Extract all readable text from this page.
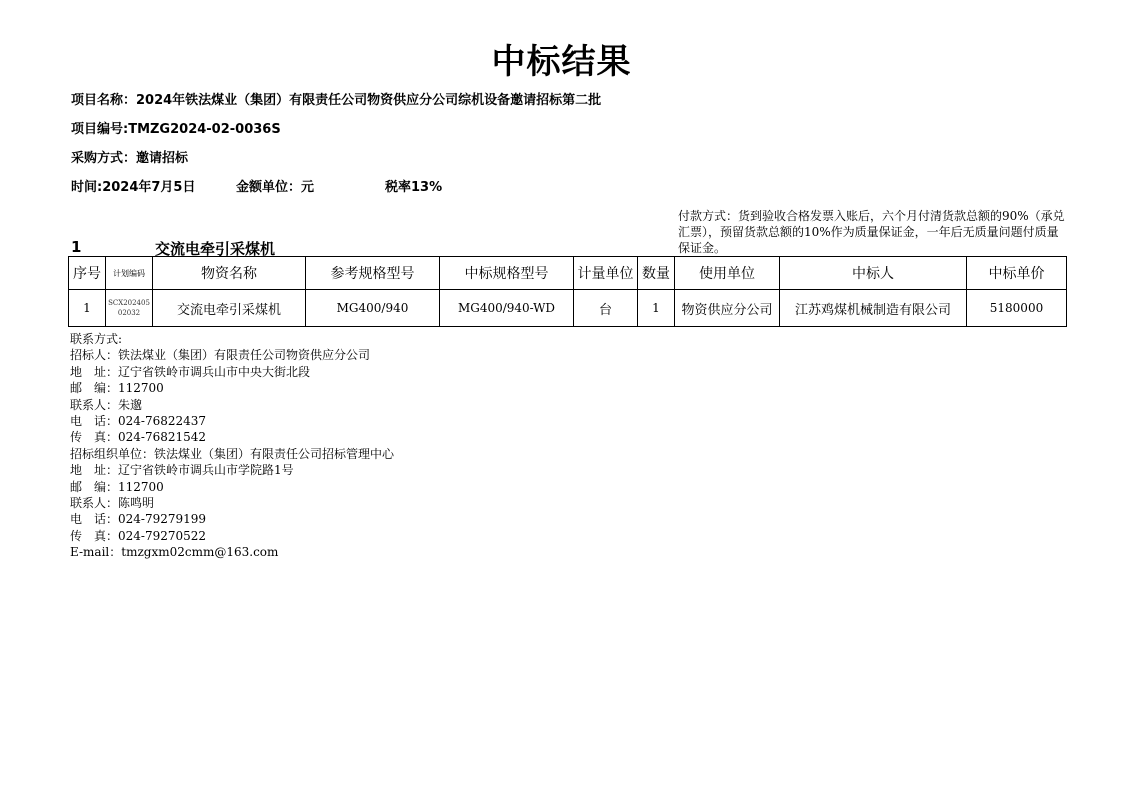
中标结果
项目名称：2024年铁法煤业（集团）有限责任公司物资供应分公司综机设备邀请招标第二批
项目编号:TMZG2024-02-0036S
采购方式：邀请招标
时间:2024年7月5日	金额单位：元	税率13%
付款方式：货到验收合格发票入账后，六个月付清货款总额的90%（承兑汇票），预留货款总额的10%作为质量保证金，一年后无质量问题付质量保证金。
1	交流电牵引采煤机
序号	计划编码	物资名称	参考规格型号	中标规格型号	计量单位	数量	使用单位	中标人	中标单价
1	SCX20240502032	交流电牵引采煤机	MG400/940	MG400/940-WD	台	1	物资供应分公司	江苏鸡煤机械制造有限公司	5180000
联系方式:
招标人：铁法煤业（集团）有限责任公司物资供应分公司
地　址：辽宁省铁岭市调兵山市中央大街北段
邮　编：112700
联系人：朱邈
电　话：024-76822437
传　真：024-76821542
招标组织单位：铁法煤业（集团）有限责任公司招标管理中心
地　址：辽宁省铁岭市调兵山市学院路1号
邮　编：112700
联系人：陈鸣明
电　话：024-79279199
传　真：024-79270522
E-mail：tmzgxm02cmm@163.com
